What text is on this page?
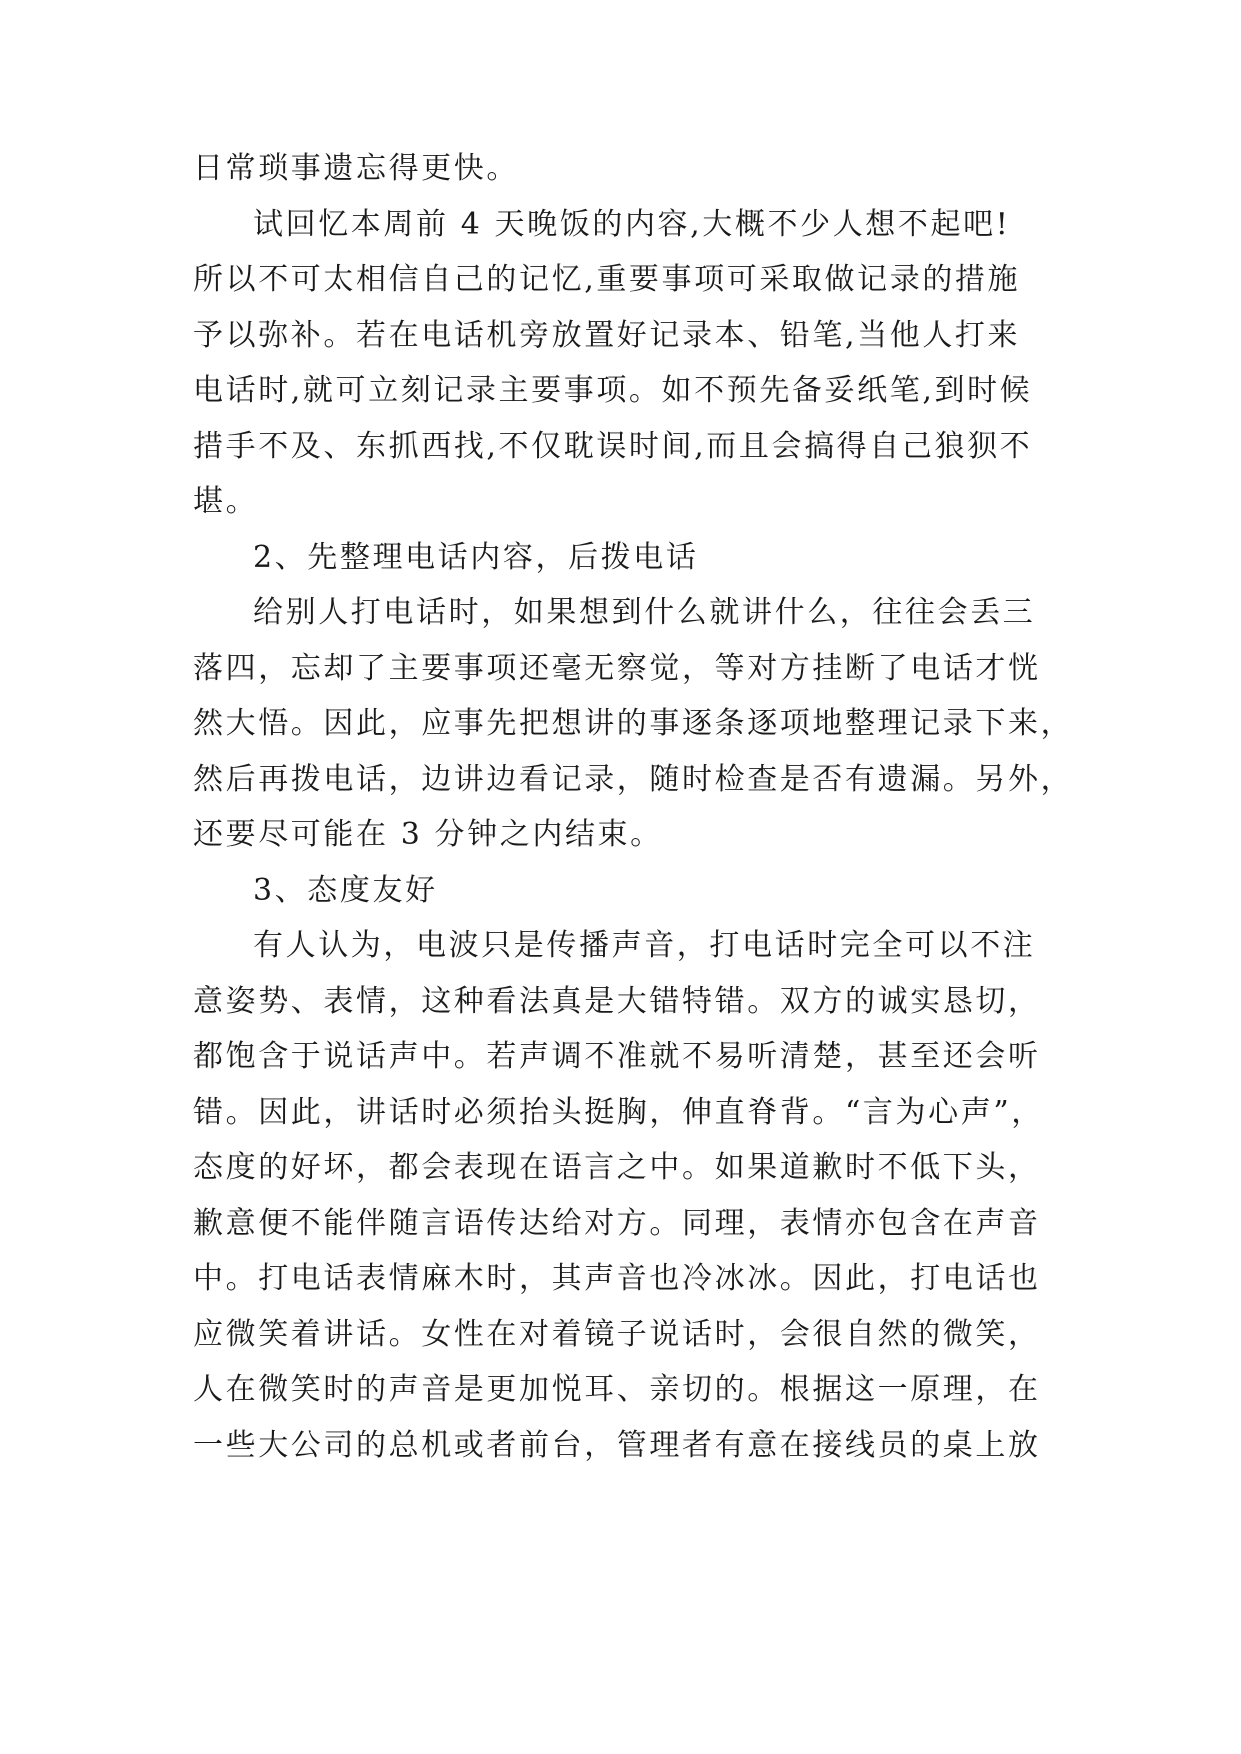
日常琐事遗忘得更快。
试回忆本周前 4 天晚饭的内容,大概不少人想不起吧!
所以不可太相信自己的记忆,重要事项可采取做记录的措施
予以弥补。若在电话机旁放置好记录本、铅笔,当他人打来
电话时,就可立刻记录主要事项。如不预先备妥纸笔,到时候
措手不及、东抓西找,不仅耽误时间,而且会搞得自己狼狈不
堪。
2、先整理电话内容，后拨电话
给别人打电话时，如果想到什么就讲什么，往往会丢三
落四，忘却了主要事项还毫无察觉，等对方挂断了电话才恍
然大悟。因此，应事先把想讲的事逐条逐项地整理记录下来，
然后再拨电话，边讲边看记录，随时检查是否有遗漏。另外，
还要尽可能在 3 分钟之内结束。
3、态度友好
有人认为，电波只是传播声音，打电话时完全可以不注
意姿势、表情，这种看法真是大错特错。双方的诚实恳切，
都饱含于说话声中。若声调不准就不易听清楚，甚至还会听
错。因此，讲话时必须抬头挺胸，伸直脊背。“言为心声”，
态度的好坏，都会表现在语言之中。如果道歉时不低下头，
歉意便不能伴随言语传达给对方。同理，表情亦包含在声音
中。打电话表情麻木时，其声音也冷冰冰。因此，打电话也
应微笑着讲话。女性在对着镜子说话时，会很自然的微笑，
人在微笑时的声音是更加悦耳、亲切的。根据这一原理，在
一些大公司的总机或者前台，管理者有意在接线员的桌上放
